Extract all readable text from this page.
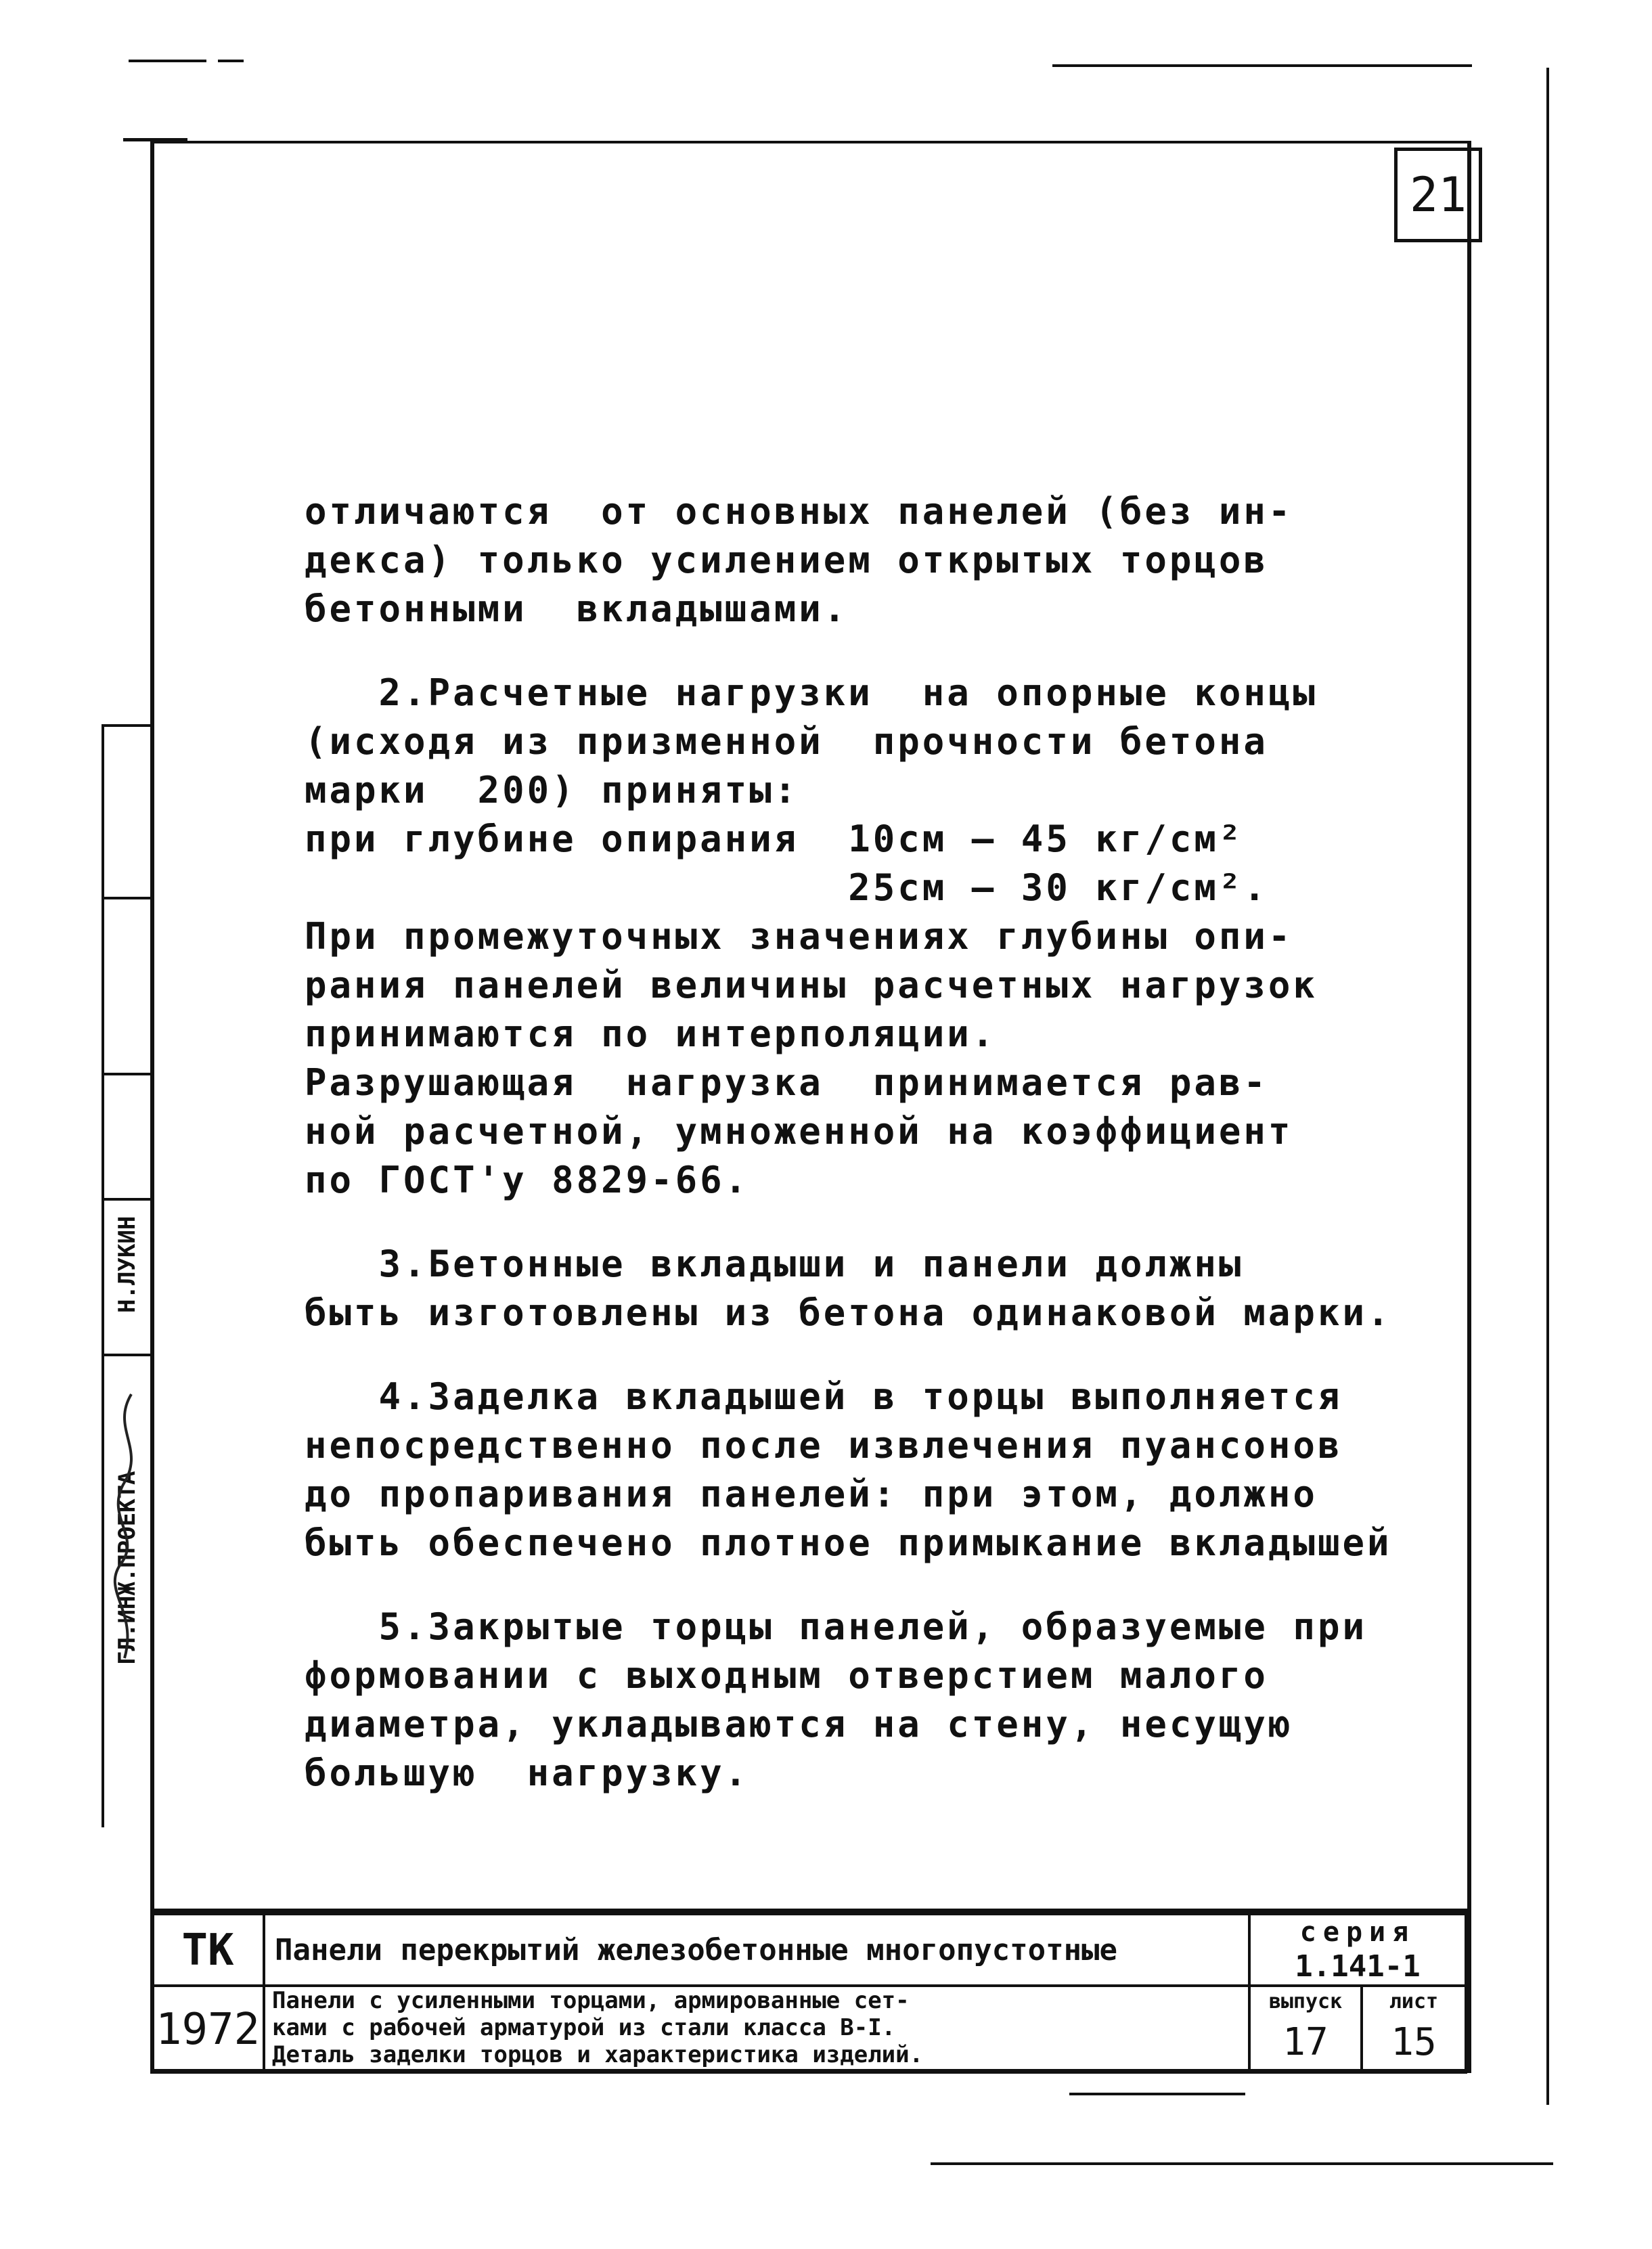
21
Н.ЛУКИН
ГЛ.ИНЖ.ПРОЕКТА

отличаются  от основных панелей (без ин-

декса) только усилением открытых торцов

бетонными  вкладышами.

2.Расчетные нагрузки  на опорные концы

(исходя из призменной  прочности бетона

марки  200) приняты:

при глубине опирания  10см — 45 кг/см²

25см — 30 кг/см².

При промежуточных значениях глубины опи-

рания панелей величины расчетных нагрузок

принимаются по интерполяции.

Разрушающая  нагрузка  принимается рав-

ной расчетной, умноженной на коэффициент

по ГОСТ'у 8829-66.

3.Бетонные вкладыши и панели должны

быть изготовлены из бетона одинаковой марки.

4.Заделка вкладышей в торцы выполняется

непосредственно после извлечения пуансонов

до пропаривания панелей: при этом, должно

быть обеспечено плотное примыкание вкладышей

5.Закрытые торцы панелей, образуемые при

формовании с выходным отверстием малого

диаметра, укладываются на стену, несущую

большую  нагрузку.

ТК
1972
Панели перекрытий железобетонные многопустотные
Панели с усиленными торцами, армированные сет-
ками с рабочей арматурой из стали класса В-I.
Деталь заделки торцов и характеристика изделий.
серия
1.141-1
выпуск
17
лист
15
